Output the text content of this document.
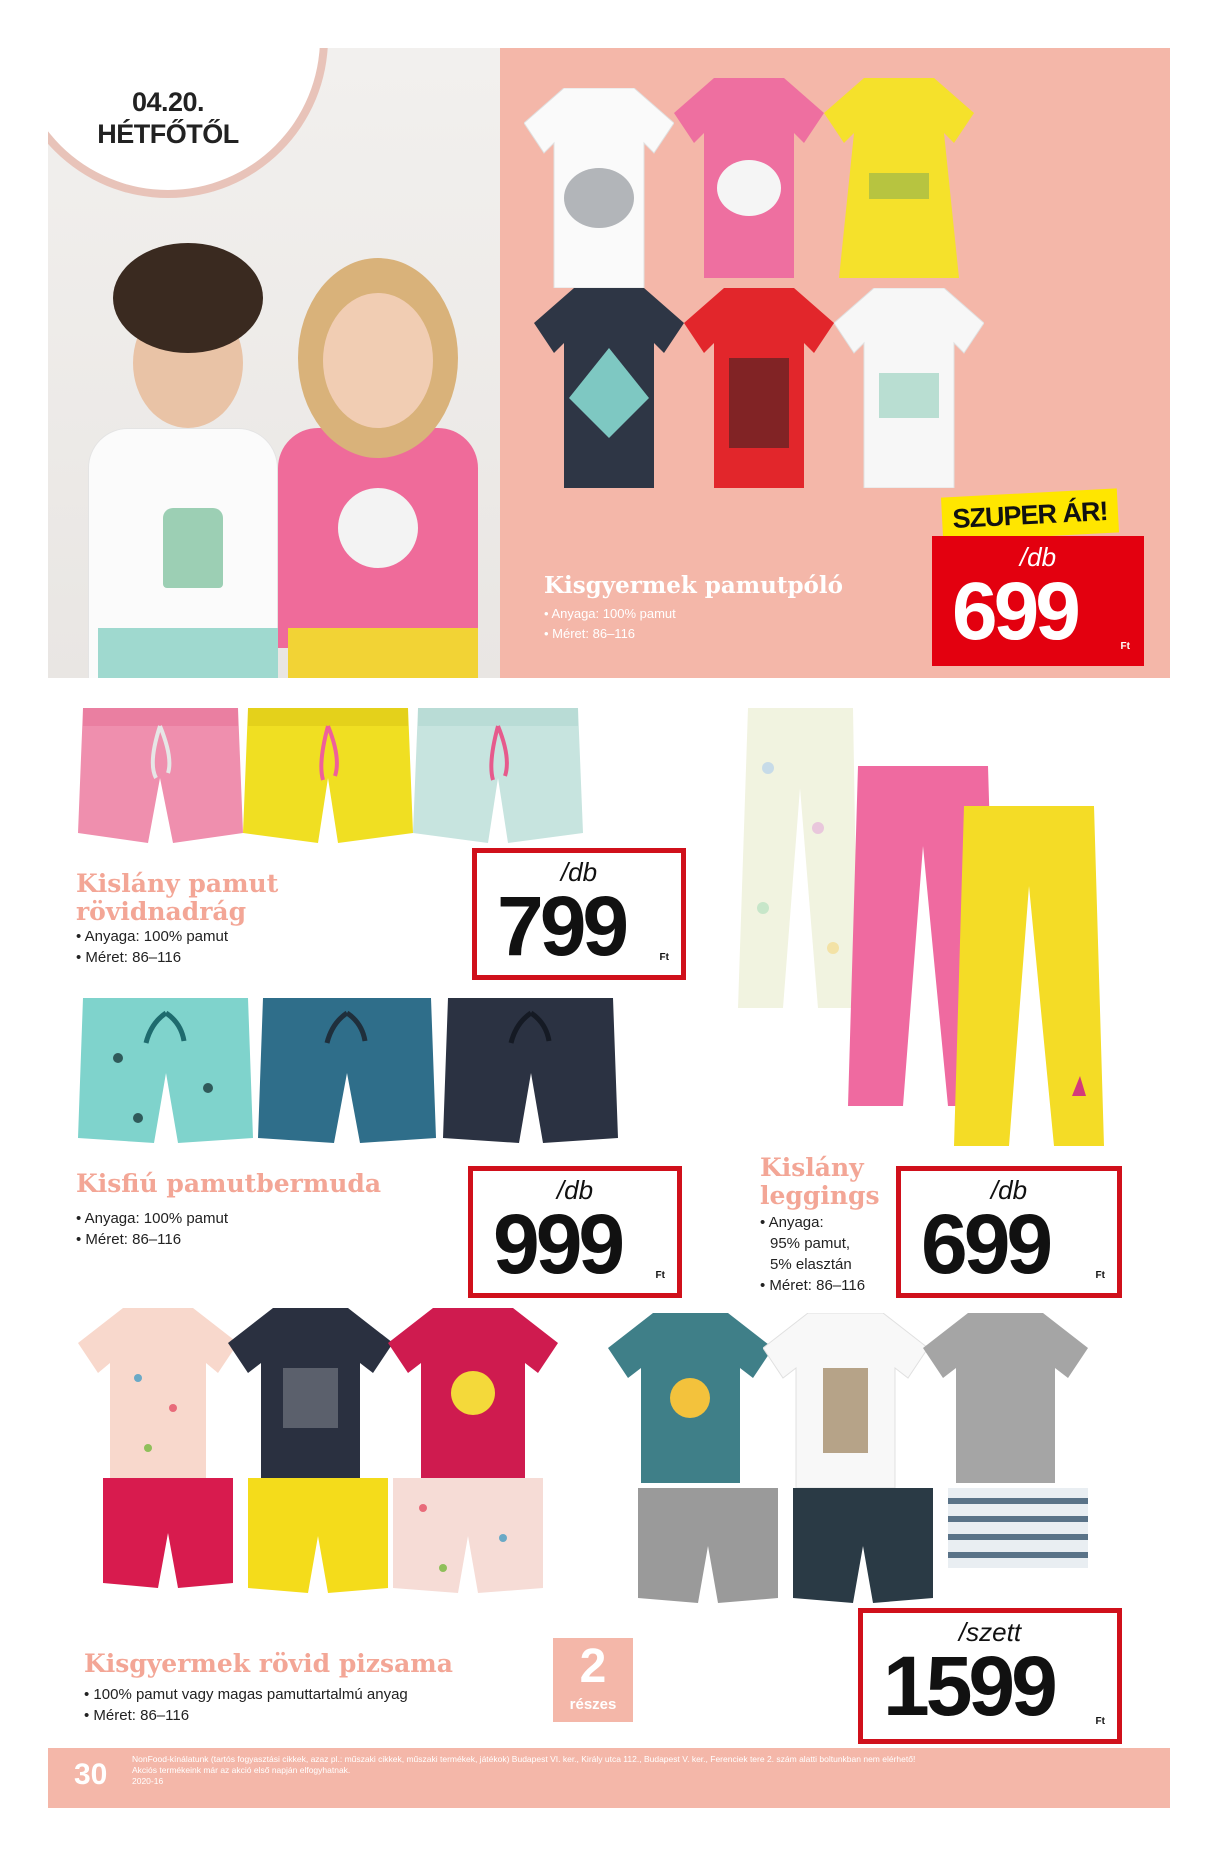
04.20.
HÉTFŐTŐL
Kisgyermek pamutpóló
• Anyaga: 100% pamut
• Méret: 86–116
SZUPER ÁR!
/db
699	Ft
Kislány pamut
rövidnadrág
• Anyaga: 100% pamut
• Méret: 86–116
/db
799	Ft
Kisfiú pamutbermuda
• Anyaga: 100% pamut
• Méret: 86–116
/db
999	Ft
Kislány
leggings
• Anyaga:
95% pamut,
5% elasztán
• Méret: 86–116
/db
699	Ft
Kisgyermek rövid pizsama
• 100% pamut vagy magas pamuttartalmú anyag
• Méret: 86–116
2
részes
/szett
1599	Ft
30	NonFood-kínálatunk (tartós fogyasztási cikkek, azaz pl.: műszaki cikkek, műszaki termékek, játékok) Budapest VI. ker., Király utca 112., Budapest V. ker., Ferenciek tere 2. szám alatti boltunkban nem elérhető!
Akciós termékeink már az akció első napján elfogyhatnak.
2020-16
